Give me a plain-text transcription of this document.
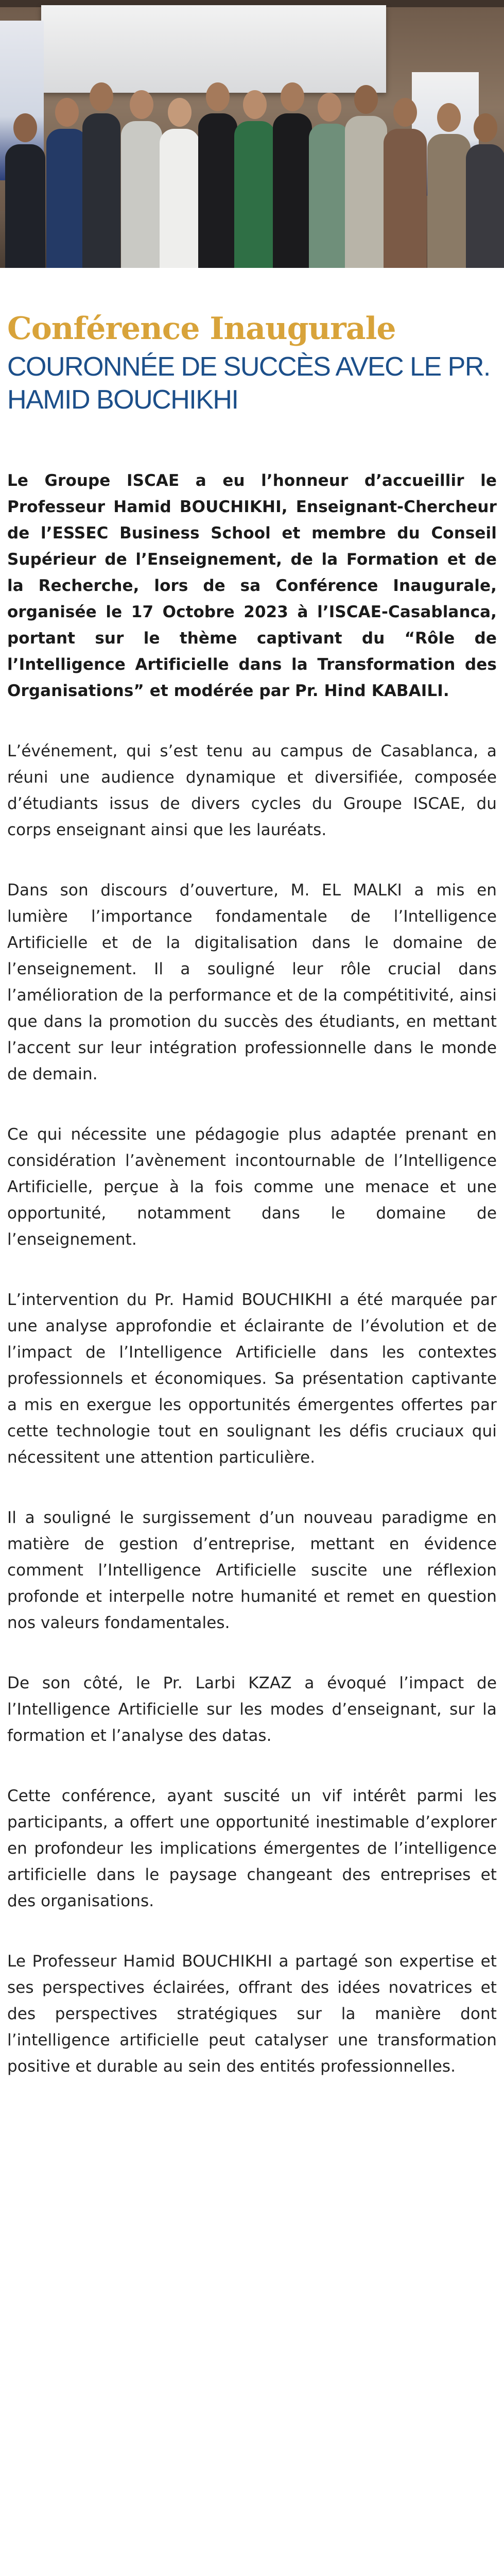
Conférence Inaugurale
COURONNÉE DE SUCCÈS AVEC LE PR. HAMID BOUCHIKHI

Le Groupe ISCAE a eu l’honneur d’accueillir le Professeur Hamid BOUCHIKHI, Enseignant-Chercheur de l’ESSEC Business School et membre du Conseil Supérieur de l’Enseignement, de la Formation et de la Recherche, lors de sa Conférence Inaugurale, organisée le 17 Octobre 2023 à l’ISCAE-Casablanca, portant sur le thème captivant du “Rôle de l’Intelligence Artificielle dans la Transformation des Organisations” et modérée par Pr. Hind KABAILI.

L’événement, qui s’est tenu au campus de Casablanca, a réuni une audience dynamique et diversifiée, composée d’étudiants issus de divers cycles du Groupe ISCAE, du corps enseignant ainsi que les lauréats.

Dans son discours d’ouverture, M. EL MALKI a mis en lumière l’importance fondamentale de l’Intelligence Artificielle et de la digitalisation dans le domaine de l’enseignement. Il a souligné leur rôle crucial dans l’amélioration de la performance et de la compétitivité, ainsi que dans la promotion du succès des étudiants, en mettant l’accent sur leur intégration professionnelle dans le monde de demain.

Ce qui nécessite une pédagogie plus adaptée prenant en considération l’avènement incontournable de l’Intelligence Artificielle, perçue à la fois comme une menace et une opportunité, notamment dans le domaine de l’enseignement.

L’intervention du Pr. Hamid BOUCHIKHI a été marquée par une analyse approfondie et éclairante de l’évolution et de l’impact de l’Intelligence Artificielle dans les contextes professionnels et économiques. Sa présentation captivante a mis en exergue les opportunités émergentes offertes par cette technologie tout en soulignant les défis cruciaux qui nécessitent une attention particulière.

Il a souligné le surgissement d’un nouveau paradigme en matière de gestion d’entreprise, mettant en évidence comment l’Intelligence Artificielle suscite une réflexion profonde et interpelle notre humanité et remet en question nos valeurs fondamentales.

De son côté, le Pr. Larbi KZAZ a évoqué l’impact de l’Intelligence Artificielle sur les modes d’enseignant, sur la formation et l’analyse des datas.

Cette conférence, ayant suscité un vif intérêt parmi les participants, a offert une opportunité inestimable d’explorer en profondeur les implications émergentes de l’intelligence artificielle dans le paysage changeant des entreprises et des organisations.

Le Professeur Hamid BOUCHIKHI a partagé son expertise et ses perspectives éclairées, offrant des idées novatrices et des perspectives stratégiques sur la manière dont l’intelligence artificielle peut catalyser une transformation positive et durable au sein des entités professionnelles.
